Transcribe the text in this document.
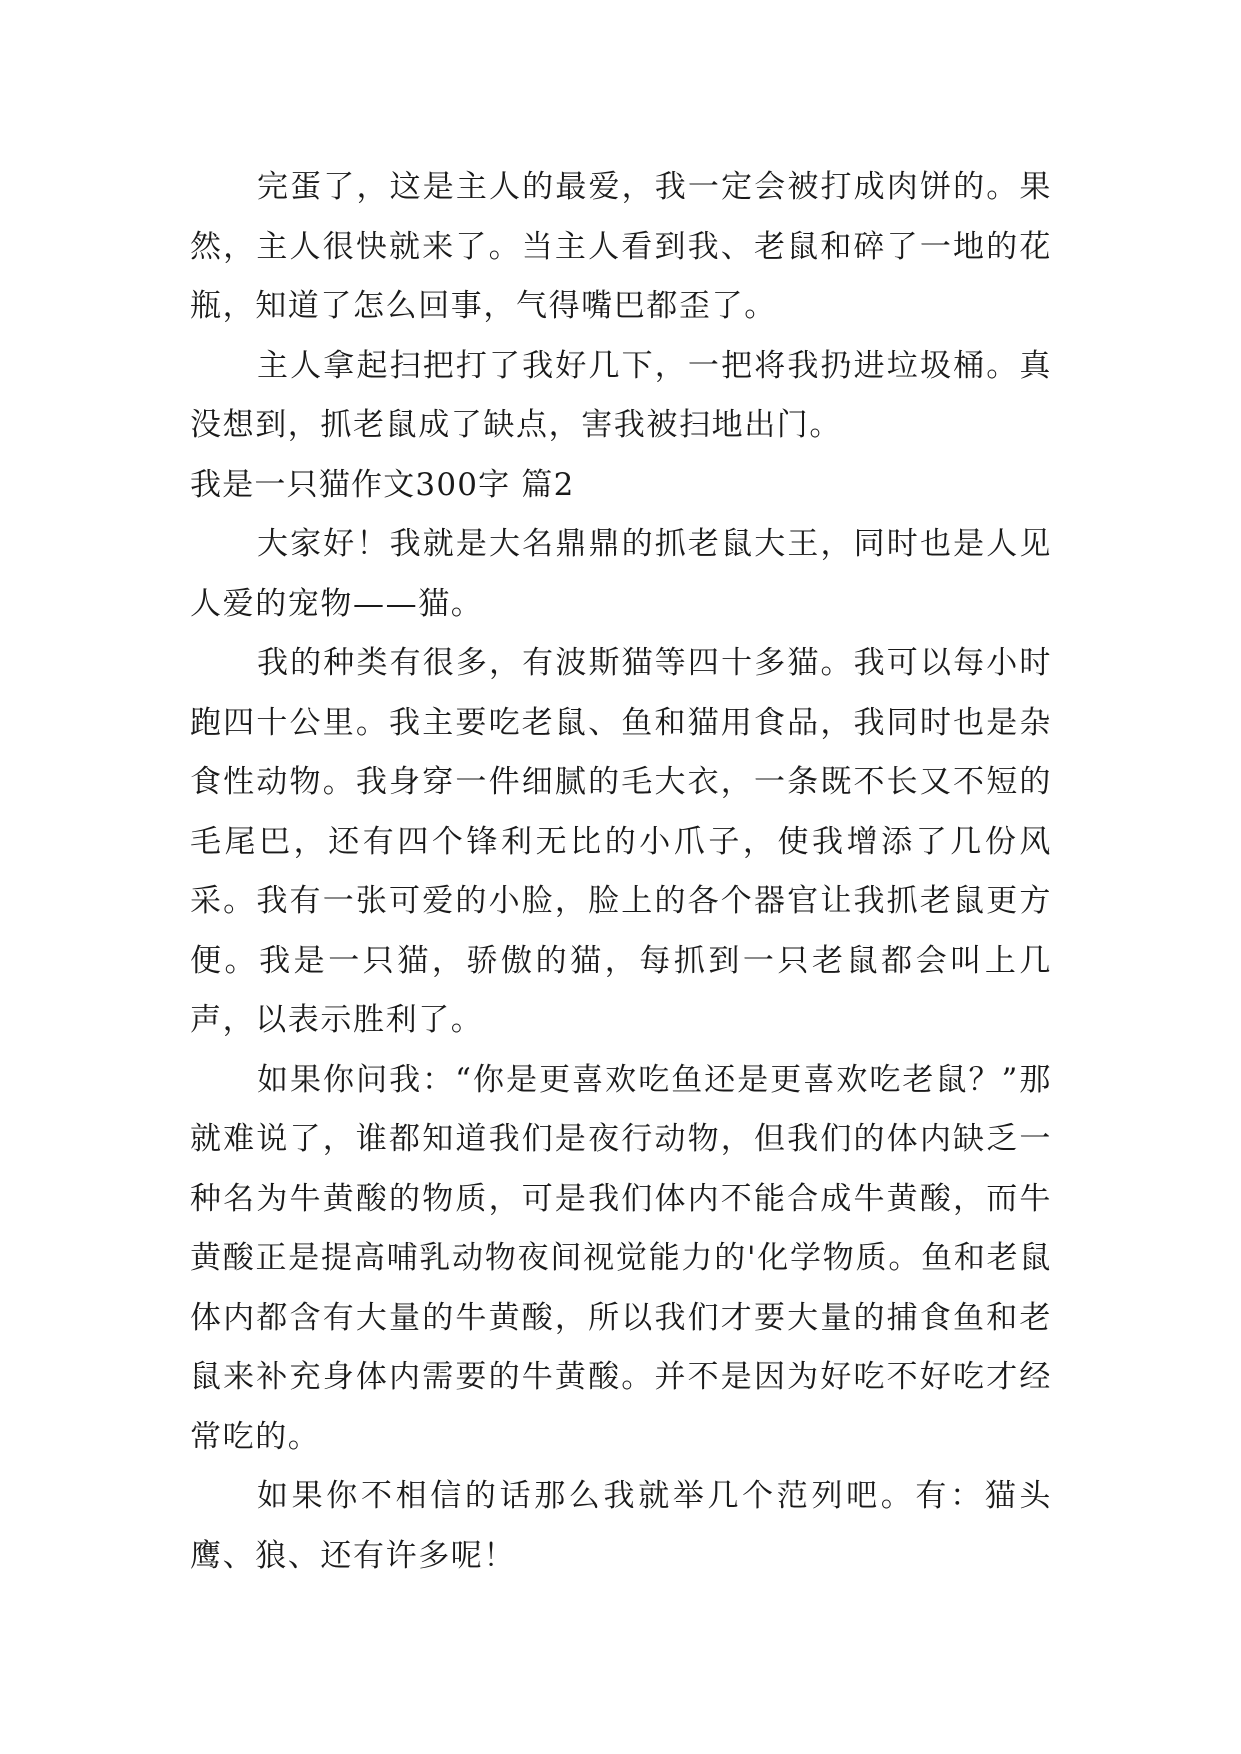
完蛋了，这是主人的最爱，我一定会被打成肉饼的。果然，主人很快就来了。当主人看到我、老鼠和碎了一地的花瓶，知道了怎么回事，气得嘴巴都歪了。

主人拿起扫把打了我好几下，一把将我扔进垃圾桶。真没想到，抓老鼠成了缺点，害我被扫地出门。

我是一只猫作文300字 篇2

大家好！我就是大名鼎鼎的抓老鼠大王，同时也是人见人爱的宠物——猫。

我的种类有很多，有波斯猫等四十多猫。我可以每小时跑四十公里。我主要吃老鼠、鱼和猫用食品，我同时也是杂食性动物。我身穿一件细腻的毛大衣，一条既不长又不短的毛尾巴，还有四个锋利无比的小爪子，使我增添了几份风采。我有一张可爱的小脸，脸上的各个器官让我抓老鼠更方便。我是一只猫，骄傲的猫，每抓到一只老鼠都会叫上几声，以表示胜利了。

如果你问我：“你是更喜欢吃鱼还是更喜欢吃老鼠？”那就难说了，谁都知道我们是夜行动物，但我们的体内缺乏一种名为牛黄酸的物质，可是我们体内不能合成牛黄酸，而牛黄酸正是提高哺乳动物夜间视觉能力的'化学物质。鱼和老鼠体内都含有大量的牛黄酸，所以我们才要大量的捕食鱼和老鼠来补充身体内需要的牛黄酸。并不是因为好吃不好吃才经常吃的。

如果你不相信的话那么我就举几个范列吧。有：猫头鹰、狼、还有许多呢！
